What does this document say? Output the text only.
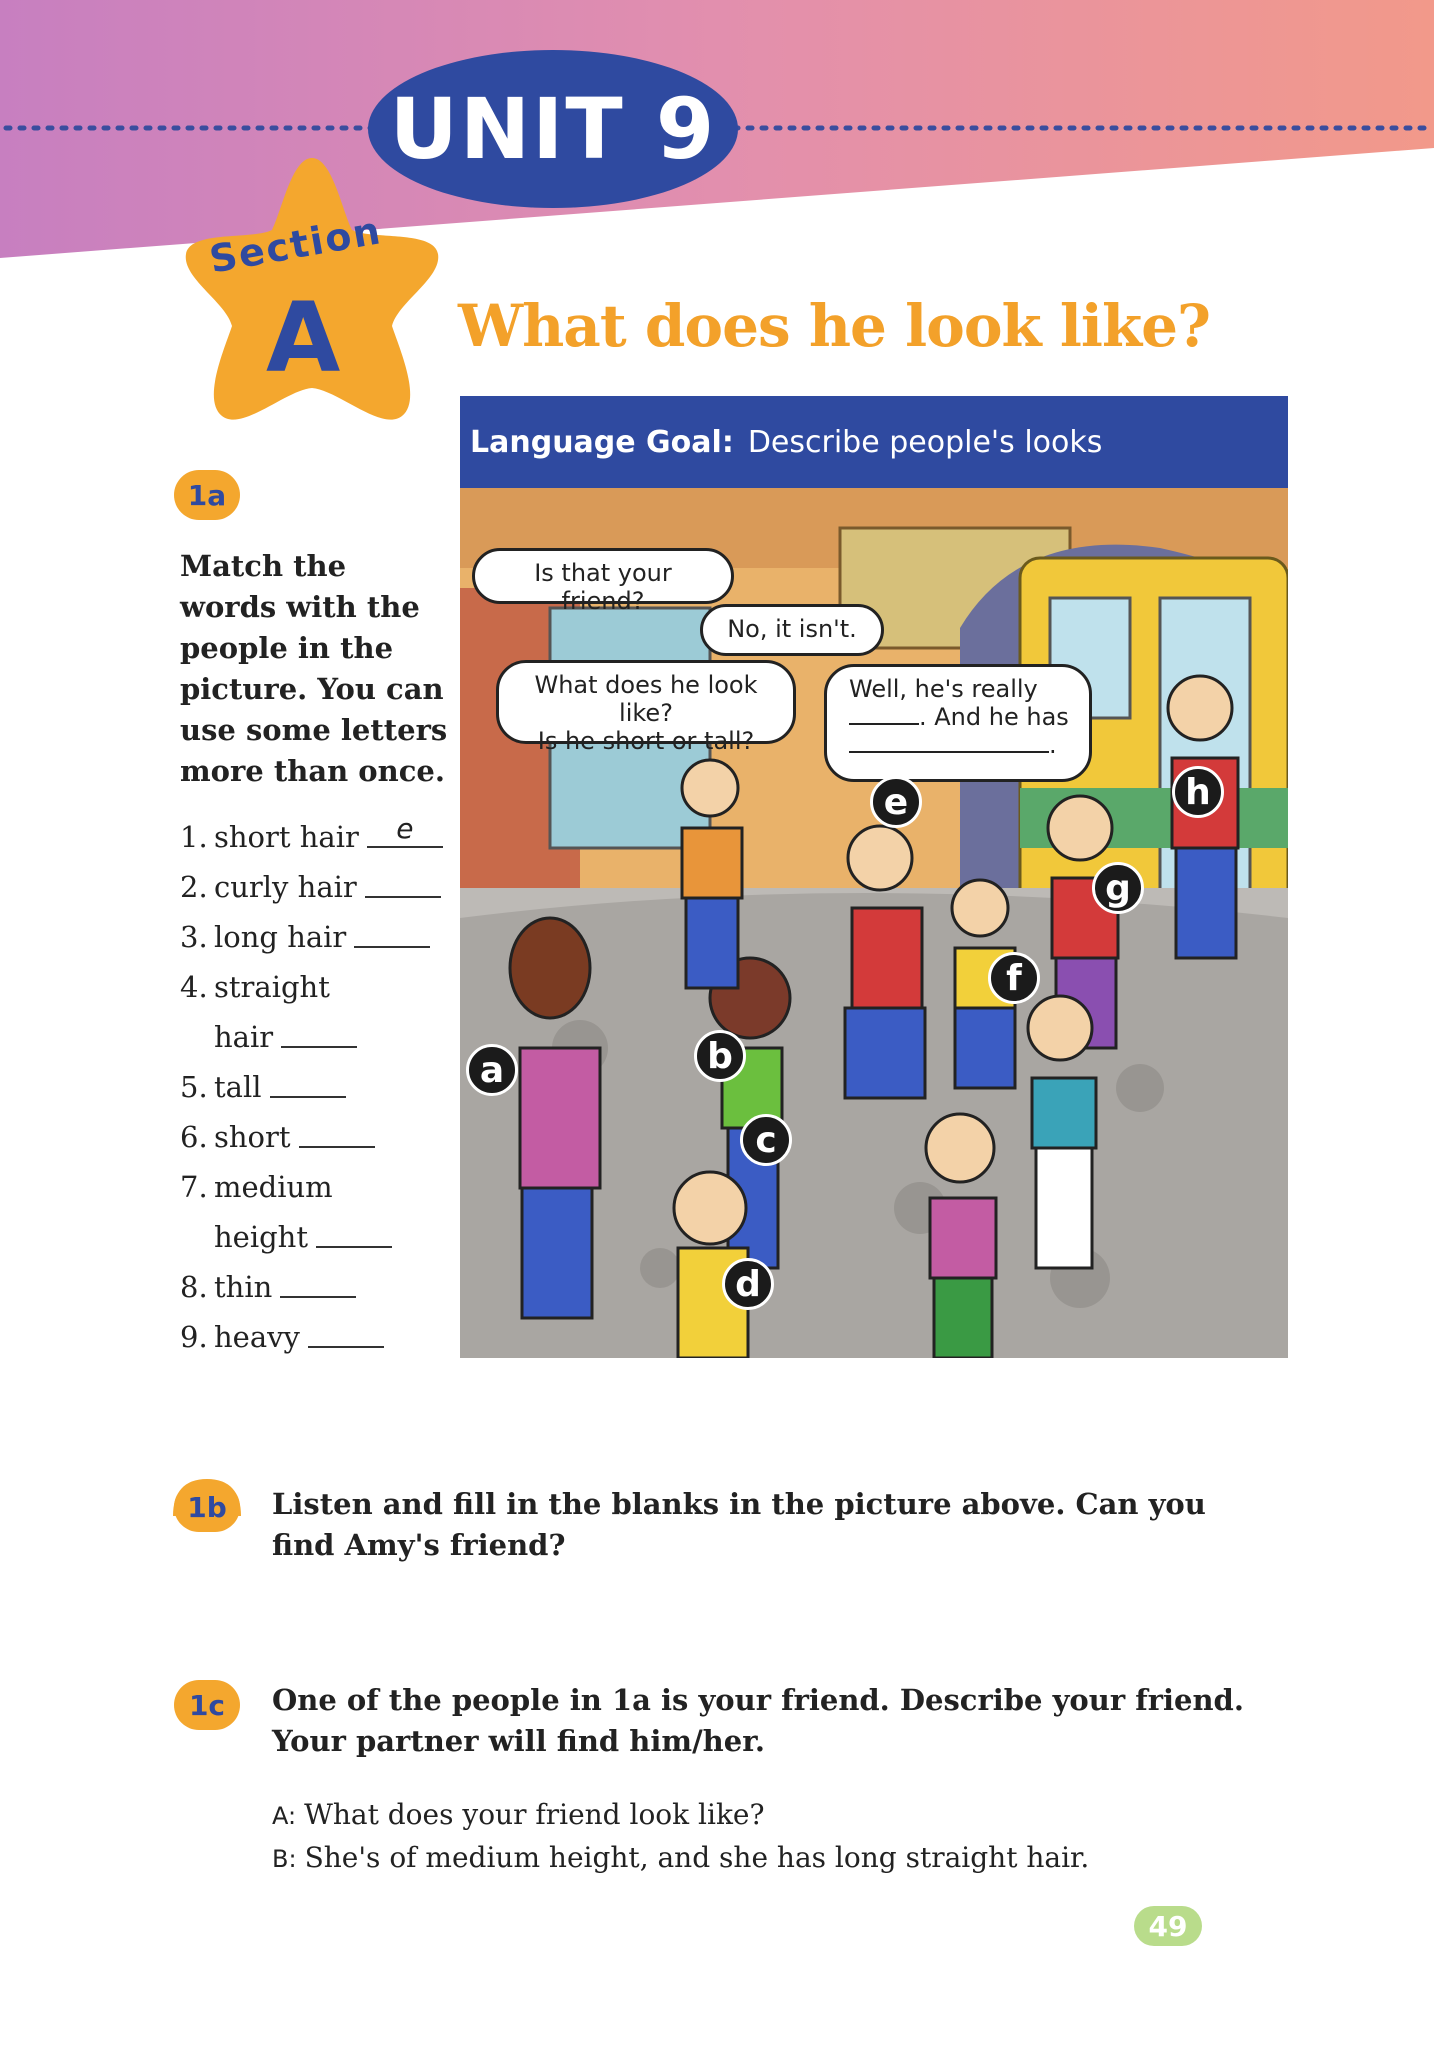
UNIT 9
Section
A What does he look like?
Language Goal: Describe people's looks
Is that your friend?
No, it isn't.
What does he look like?
Is he short or tall?
Well, he's really
. And he has
.
a	b
c
d
e
f
g
h
1a
Match the words with the people in the picture. You can use some letters more than once.
1. short hair	e
2. curly hair
3. long hair
4. straight
hair
5. tall
6. short
7. medium
height
8. thin
9. heavy
1b	Listen and fill in the blanks in the picture above. Can you find Amy's friend?
1c	One of the people in 1a is your friend. Describe your friend. Your partner will find him/her.
A: What does your friend look like?
B: She's of medium height, and she has long straight hair.
49
